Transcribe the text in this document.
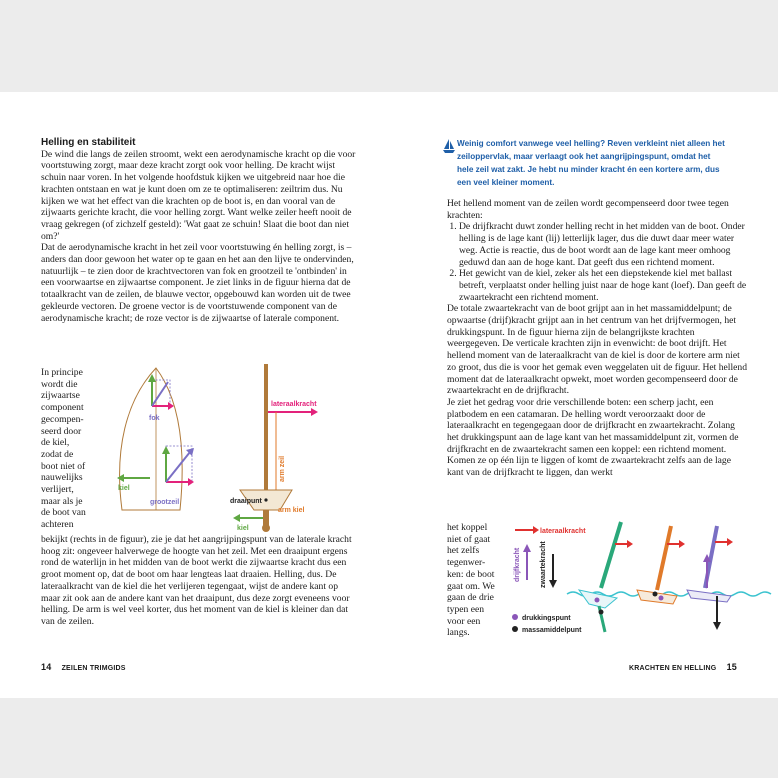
Helling en stabiliteit

De wind die langs de zeilen stroomt, wekt een aerodynamische kracht op die voor voortstuwing zorgt, maar deze kracht zorgt ook voor helling. De kracht wijst schuin naar voren. In het volgende hoofdstuk kijken we uitgebreid naar hoe die krachten ontstaan en wat je kunt doen om ze te optimaliseren: zeiltrim dus. Nu kijken we wat het effect van die krachten op de boot is, en dan vooral van de zijwaarts gerichte kracht, die voor helling zorgt. Want welke zeiler heeft nooit de vraag gekregen (of zichzelf gesteld): 'Wat gaat ze schuin! Slaat die boot dan niet om?'

Dat de aerodynamische kracht in het zeil voor voortstuwing én helling zorgt, is – anders dan door gewoon het water op te gaan en het aan den lijve te ondervinden, natuurlijk – te zien door de krachtvectoren van fok en grootzeil te 'ontbinden' in een voorwaartse en zijwaartse component. Je ziet links in de figuur hierna dat de totaalkracht van de zeilen, de blauwe vector, opgebouwd kan worden uit de twee gekleurde vectoren. De groene vector is de voortstuwende component van de aerodynamische kracht; de roze vector is de zijwaartse of laterale component.

In principe
wordt die
zijwaartse
component
gecompen-
seerd door
de kiel,
zodat de
boot niet of
nauwelijks
verlijert,
maar als je
de boot van
achteren
fok
grootzeil
kiel
lateraalkracht
arm zeil
draaipunt
arm kiel
kiel

bekijkt (rechts in de figuur), zie je dat het aangrijpingspunt van de laterale kracht hoog zit: ongeveer halverwege de hoogte van het zeil. Met een draaipunt ergens rond de waterlijn in het midden van de boot werkt die zijwaartse kracht dus een groot moment op, dat de boot om haar lengteas laat draaien. Helling, dus. De lateraalkracht van de kiel die het verlijeren tegengaat, wijst de andere kant op maar zit ook aan de andere kant van het draaipunt, dus deze zorgt eveneens voor helling. De arm is wel veel korter, dus het moment van de kiel is kleiner dan dat van de zeilen.

14 ZEILEN TRIMGIDS
Weinig comfort vanwege veel helling? Reven verkleint niet alleen het zeiloppervlak, maar verlaagt ook het aangrijpingspunt, omdat het hele zeil wat zakt. Je hebt nu minder kracht én een kortere arm, dus een veel kleiner moment.

Het hellend moment van de zeilen wordt gecompenseerd door twee tegen krachten:

1. De drijfkracht duwt zonder helling recht in het midden van de boot. Onder helling is de lage kant (lij) letterlijk lager, dus die duwt daar meer water weg. Actie is reactie, dus de boot wordt aan de lage kant meer omhoog geduwd dan aan de hoge kant. Dat geeft dus een richtend moment.
2. Het gewicht van de kiel, zeker als het een diepstekende kiel met ballast betreft, verplaatst onder helling juist naar de hoge kant (loef). Dan geeft de zwaartekracht een richtend moment.

De totale zwaartekracht van de boot grijpt aan in het massamiddelpunt; de opwaartse (drijf)kracht grijpt aan in het centrum van het drijfvermogen, het drukkingspunt. In de figuur hierna zijn de belangrijkste krachten weergegeven. De verticale krachten zijn in evenwicht: de boot drijft. Het hellend moment van de lateraalkracht van de kiel is door de kortere arm niet zo groot, dus die is voor het gemak even weggelaten uit de figuur. Het hellend moment dat de lateraalkracht opwekt, moet worden gecompenseerd door de zwaartekracht en de drijfkracht.

Je ziet het gedrag voor drie verschillende boten: een scherp jacht, een platbodem en een catamaran. De helling wordt veroorzaakt door de lateraalkracht en tegengegaan door de drijfkracht en zwaartekracht. Zolang het drukkingspunt aan de lage kant van het massamiddelpunt zit, vormen de drijfkracht en de zwaartekracht samen een koppel: een richtend moment. Komen ze op één lijn te liggen of komt de zwaartekracht zelfs aan de lage kant van de drijfkracht te liggen, dan werkt

het koppel
niet of gaat
het zelfs
tegenwer-
ken: de boot
gaat om. We
gaan de drie
typen een
voor een
langs.
lateraalkracht
drijfkracht	zwaartekracht
drukkingspunt
massamiddelpunt
KRACHTEN EN HELLING 15
